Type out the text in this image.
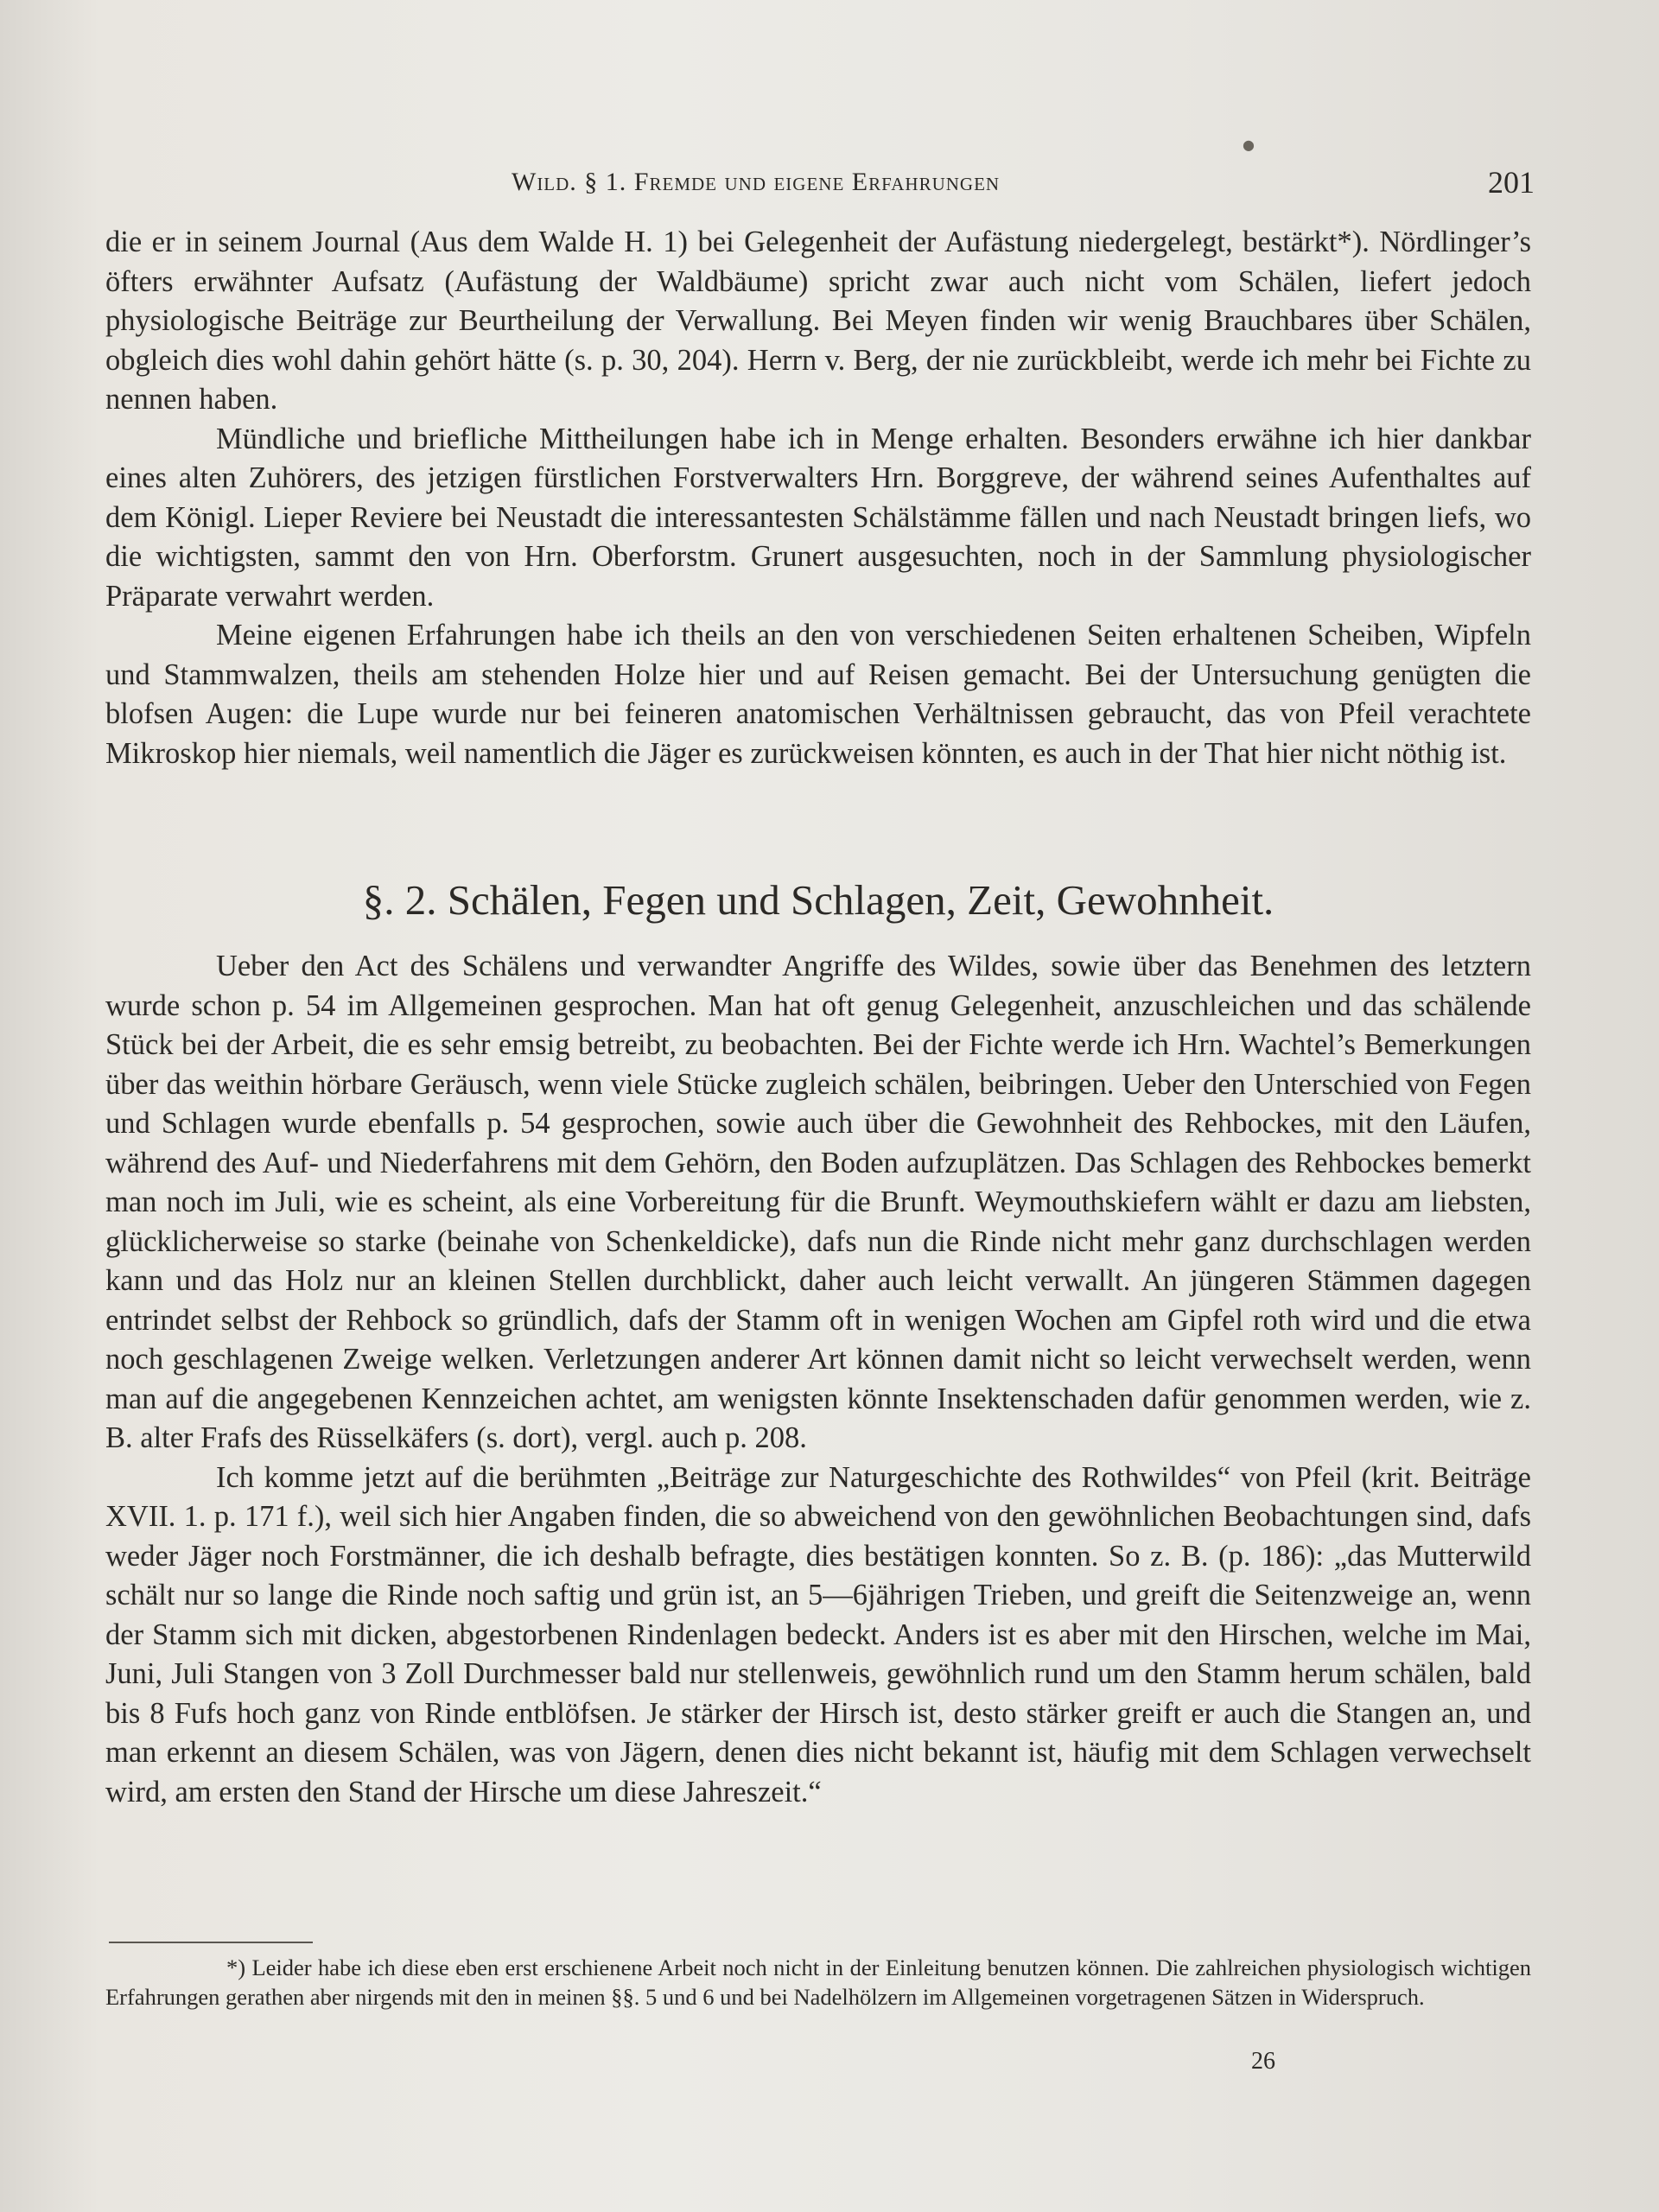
●
Wild. § 1. Fremde und eigene Erfahrungen	201

die er in seinem Journal (Aus dem Walde H. 1) bei Gelegenheit der Aufästung niedergelegt, bestärkt*). Nördlinger’s öfters erwähnter Aufsatz (Aufästung der Waldbäume) spricht zwar auch nicht vom Schälen, liefert jedoch physiologische Beiträge zur Beurtheilung der Verwallung. Bei Meyen finden wir wenig Brauchbares über Schälen, obgleich dies wohl dahin gehört hätte (s. p. 30, 204). Herrn v. Berg, der nie zurückbleibt, werde ich mehr bei Fichte zu nennen haben.

Mündliche und briefliche Mittheilungen habe ich in Menge erhalten. Besonders erwähne ich hier dankbar eines alten Zuhörers, des jetzigen fürstlichen Forstverwalters Hrn. Borggreve, der während seines Aufenthaltes auf dem Königl. Lieper Reviere bei Neustadt die interessantesten Schälstämme fällen und nach Neustadt bringen liefs, wo die wichtigsten, sammt den von Hrn. Oberforstm. Grunert ausgesuchten, noch in der Sammlung physiologischer Präparate verwahrt werden.

Meine eigenen Erfahrungen habe ich theils an den von verschiedenen Seiten erhaltenen Scheiben, Wipfeln und Stammwalzen, theils am stehenden Holze hier und auf Reisen gemacht. Bei der Untersuchung genügten die blofsen Augen: die Lupe wurde nur bei feineren anatomischen Verhältnissen gebraucht, das von Pfeil verachtete Mikroskop hier niemals, weil namentlich die Jäger es zurückweisen könnten, es auch in der That hier nicht nöthig ist.

§. 2. Schälen, Fegen und Schlagen, Zeit, Gewohnheit.

Ueber den Act des Schälens und verwandter Angriffe des Wildes, sowie über das Benehmen des letztern wurde schon p. 54 im Allgemeinen gesprochen. Man hat oft genug Gelegenheit, anzuschleichen und das schälende Stück bei der Arbeit, die es sehr emsig betreibt, zu beobachten. Bei der Fichte werde ich Hrn. Wachtel’s Bemerkungen über das weithin hörbare Geräusch, wenn viele Stücke zugleich schälen, beibringen. Ueber den Unterschied von Fegen und Schlagen wurde ebenfalls p. 54 gesprochen, sowie auch über die Gewohnheit des Rehbockes, mit den Läufen, während des Auf- und Niederfahrens mit dem Gehörn, den Boden aufzuplätzen. Das Schlagen des Rehbockes bemerkt man noch im Juli, wie es scheint, als eine Vorbereitung für die Brunft. Weymouthskiefern wählt er dazu am liebsten, glücklicherweise so starke (beinahe von Schenkeldicke), dafs nun die Rinde nicht mehr ganz durchschlagen werden kann und das Holz nur an kleinen Stellen durchblickt, daher auch leicht verwallt. An jüngeren Stämmen dagegen entrindet selbst der Rehbock so gründlich, dafs der Stamm oft in wenigen Wochen am Gipfel roth wird und die etwa noch geschlagenen Zweige welken. Verletzungen anderer Art können damit nicht so leicht verwechselt werden, wenn man auf die angegebenen Kennzeichen achtet, am wenigsten könnte Insektenschaden dafür genommen werden, wie z. B. alter Frafs des Rüsselkäfers (s. dort), vergl. auch p. 208.

Ich komme jetzt auf die berühmten „Beiträge zur Naturgeschichte des Rothwildes“ von Pfeil (krit. Beiträge XVII. 1. p. 171 f.), weil sich hier Angaben finden, die so abweichend von den gewöhnlichen Beobachtungen sind, dafs weder Jäger noch Forstmänner, die ich deshalb befragte, dies bestätigen konnten. So z. B. (p. 186): „das Mutterwild schält nur so lange die Rinde noch saftig und grün ist, an 5—6jährigen Trieben, und greift die Seitenzweige an, wenn der Stamm sich mit dicken, abgestorbenen Rindenlagen bedeckt. Anders ist es aber mit den Hirschen, welche im Mai, Juni, Juli Stangen von 3 Zoll Durchmesser bald nur stellenweis, gewöhnlich rund um den Stamm herum schälen, bald bis 8 Fufs hoch ganz von Rinde entblöfsen. Je stärker der Hirsch ist, desto stärker greift er auch die Stangen an, und man erkennt an diesem Schälen, was von Jägern, denen dies nicht bekannt ist, häufig mit dem Schlagen verwechselt wird, am ersten den Stand der Hirsche um diese Jahreszeit.“

*) Leider habe ich diese eben erst erschienene Arbeit noch nicht in der Einleitung benutzen können. Die zahlreichen physiologisch wichtigen Erfahrungen gerathen aber nirgends mit den in meinen §§. 5 und 6 und bei Nadelhölzern im Allgemeinen vorgetragenen Sätzen in Widerspruch.

26
